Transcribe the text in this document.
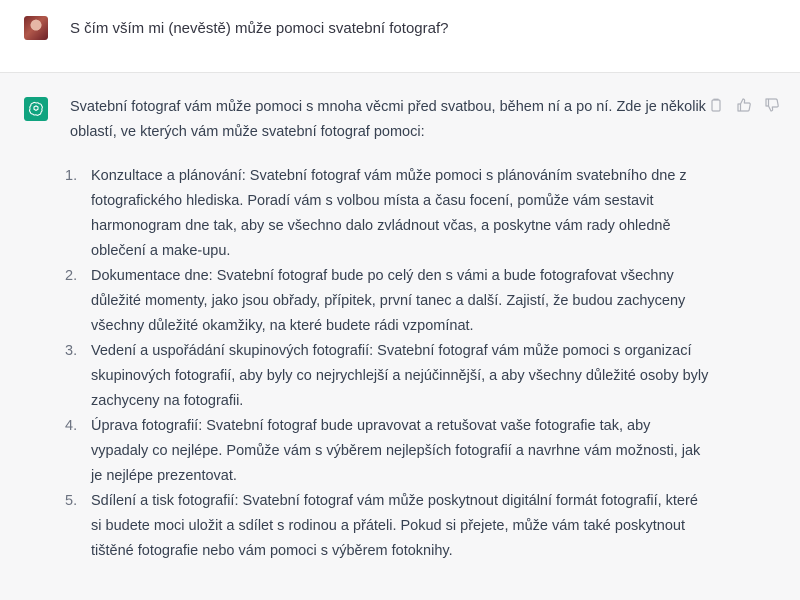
S čím vším mi (nevěstě) může pomoci svatební fotograf?

Svatební fotograf vám může pomoci s mnoha věcmi před svatbou, během ní a po ní. Zde je několik oblastí, ve kterých vám může svatební fotograf pomoci:

1. Konzultace a plánování: Svatební fotograf vám může pomoci s plánováním svatebního dne z fotografického hlediska. Poradí vám s volbou místa a času focení, pomůže vám sestavit harmonogram dne tak, aby se všechno dalo zvládnout včas, a poskytne vám rady ohledně oblečení a make-upu.
2. Dokumentace dne: Svatební fotograf bude po celý den s vámi a bude fotografovat všechny důležité momenty, jako jsou obřady, přípitek, první tanec a další. Zajistí, že budou zachyceny všechny důležité okamžiky, na které budete rádi vzpomínat.
3. Vedení a uspořádání skupinových fotografií: Svatební fotograf vám může pomoci s organizací skupinových fotografií, aby byly co nejrychlejší a nejúčinnější, a aby všechny důležité osoby byly zachyceny na fotografii.
4. Úprava fotografií: Svatební fotograf bude upravovat a retušovat vaše fotografie tak, aby vypadaly co nejlépe. Pomůže vám s výběrem nejlepších fotografií a navrhne vám možnosti, jak je nejlépe prezentovat.
5. Sdílení a tisk fotografií: Svatební fotograf vám může poskytnout digitální formát fotografií, které si budete moci uložit a sdílet s rodinou a přáteli. Pokud si přejete, může vám také poskytnout tištěné fotografie nebo vám pomoci s výběrem fotoknihy.
